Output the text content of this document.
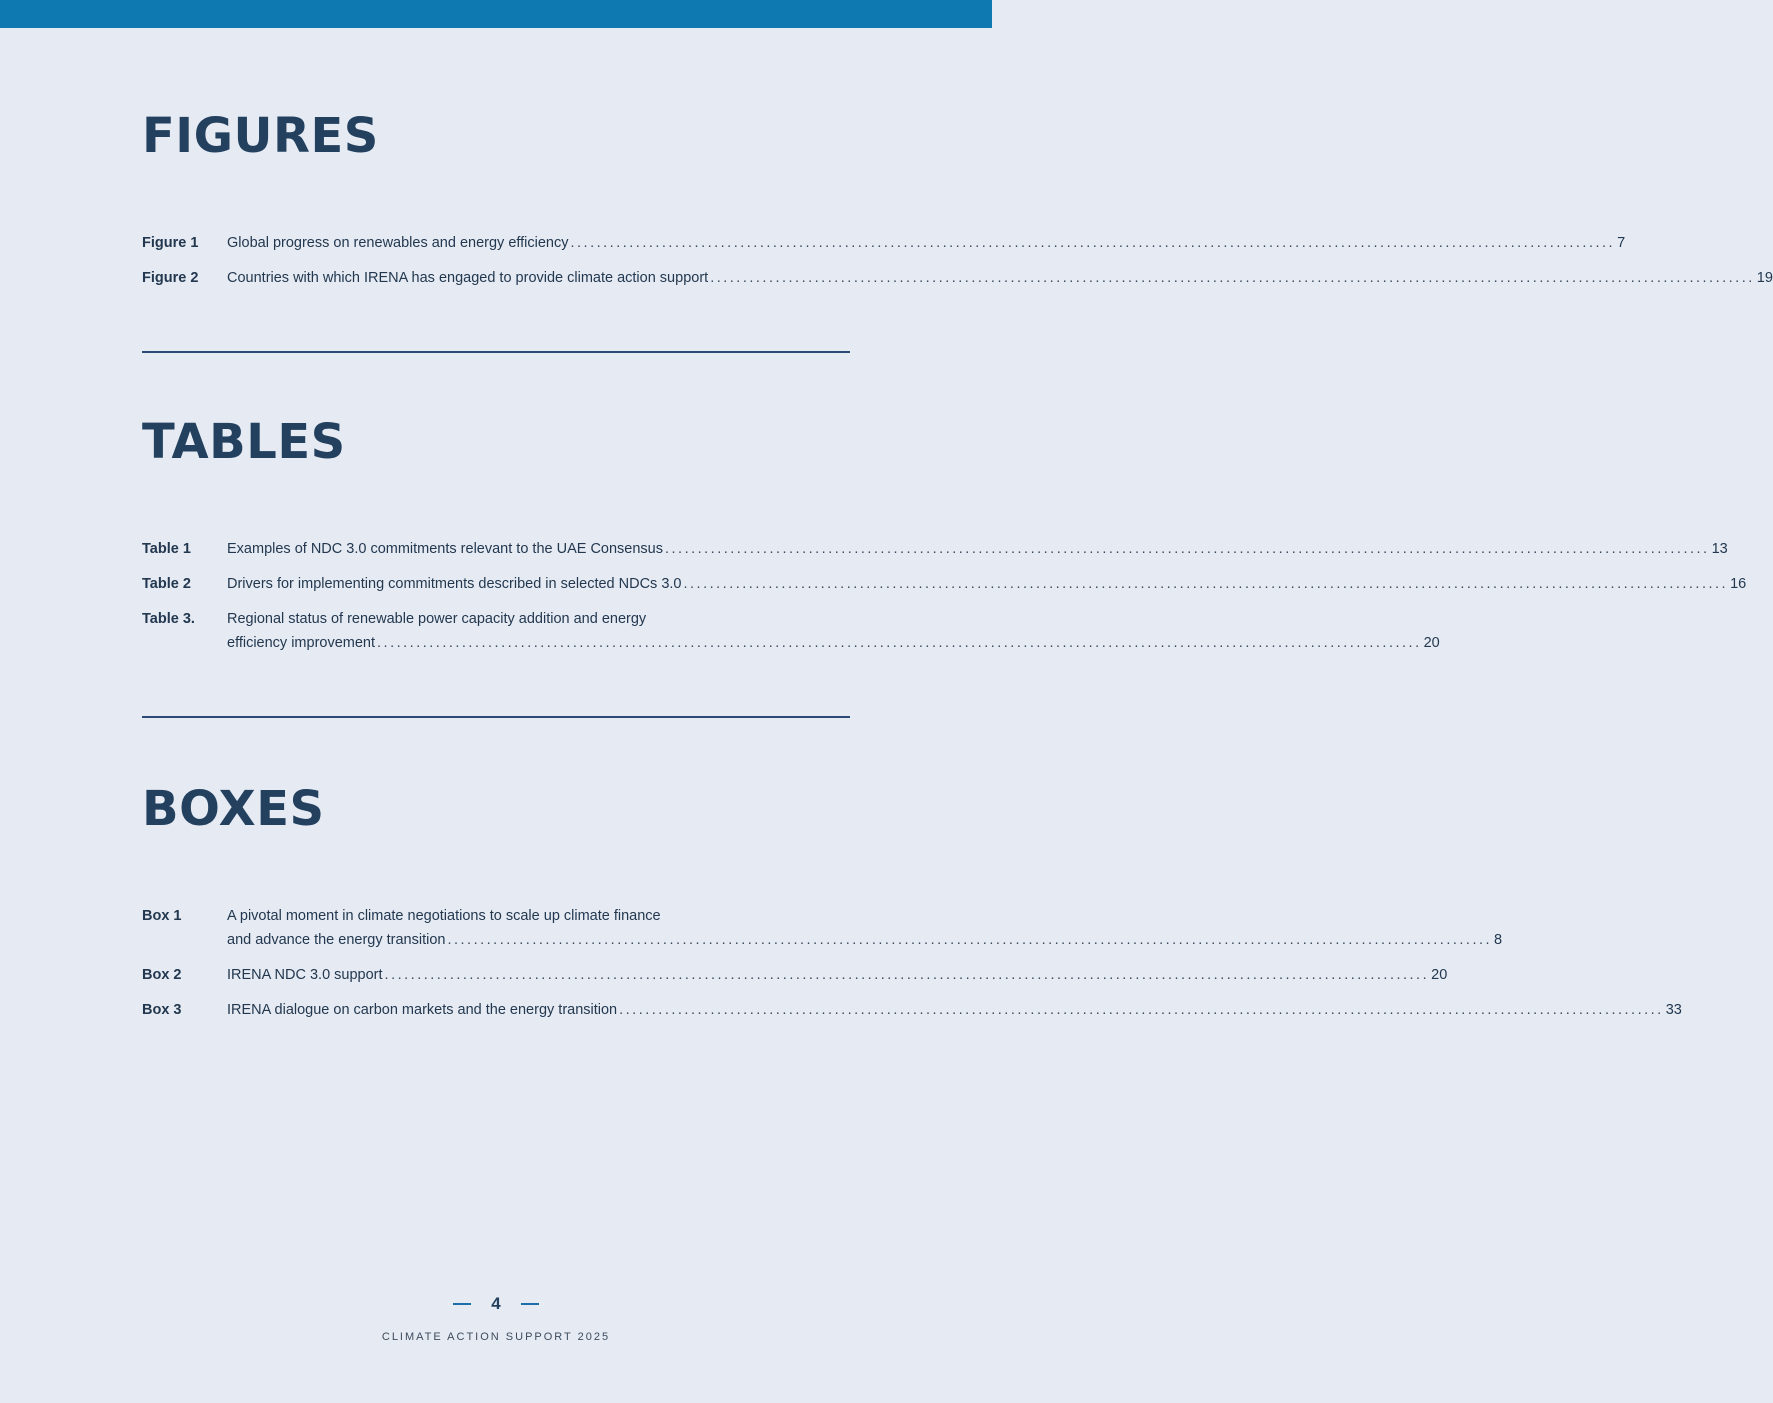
FIGURES
Figure 1	Global progress on renewables and energy efficiency ................................................................................................................................................................ 7
Figure 2	Countries with which IRENA has engaged to provide climate action support ................................................................................................................................................................ 19
TABLES
Table 1	Examples of NDC 3.0 commitments relevant to the UAE Consensus ................................................................................................................................................................ 13
Table 2	Drivers for implementing commitments described in selected NDCs 3.0 ................................................................................................................................................................ 16
Table 3.	Regional status of renewable power capacity addition and energy
efficiency improvement ................................................................................................................................................................ 20
BOXES
Box 1	A pivotal moment in climate negotiations to scale up climate finance
and advance the energy transition ................................................................................................................................................................ 8
Box 2	IRENA NDC 3.0 support ................................................................................................................................................................ 20
Box 3	IRENA dialogue on carbon markets and the energy transition ................................................................................................................................................................ 33
4
CLIMATE ACTION SUPPORT 2025
